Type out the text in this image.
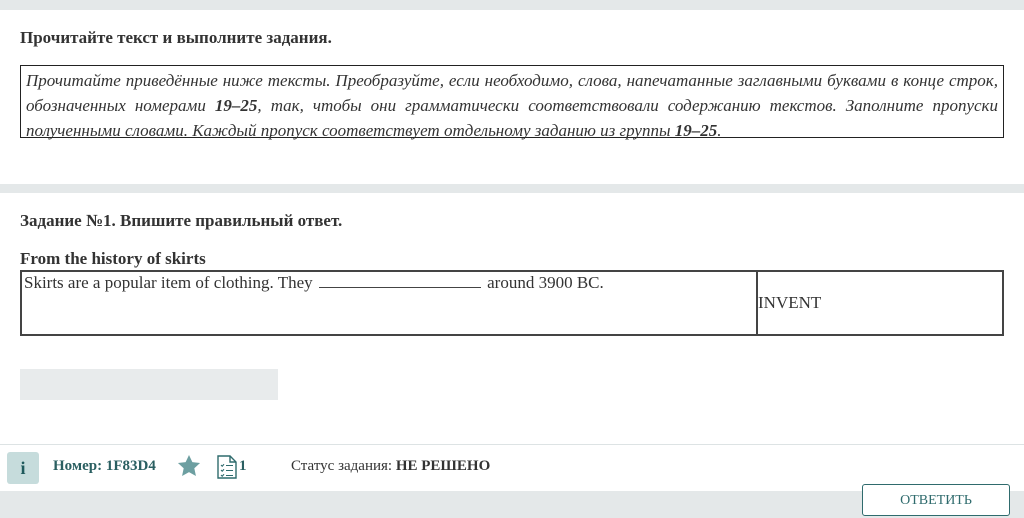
Прочитайте текст и выполните задания.
Прочитайте приведённые ниже тексты. Преобразуйте, если необходимо, слова, напечатанные заглавными буквами в конце строк, обозначенных номерами 19–25, так, чтобы они грамматически соответствовали содержанию текстов. Заполните пропуски полученными словами. Каждый пропуск соответствует отдельному заданию из группы 19–25.
Задание №1. Впишите правильный ответ.
From the history of skirts
Skirts are a popular item of clothing. They	around 3900 BC.	INVENT
i	Номер: 1F83D4	1	Статус задания: НЕ РЕШЕНО
ОТВЕТИТЬ
